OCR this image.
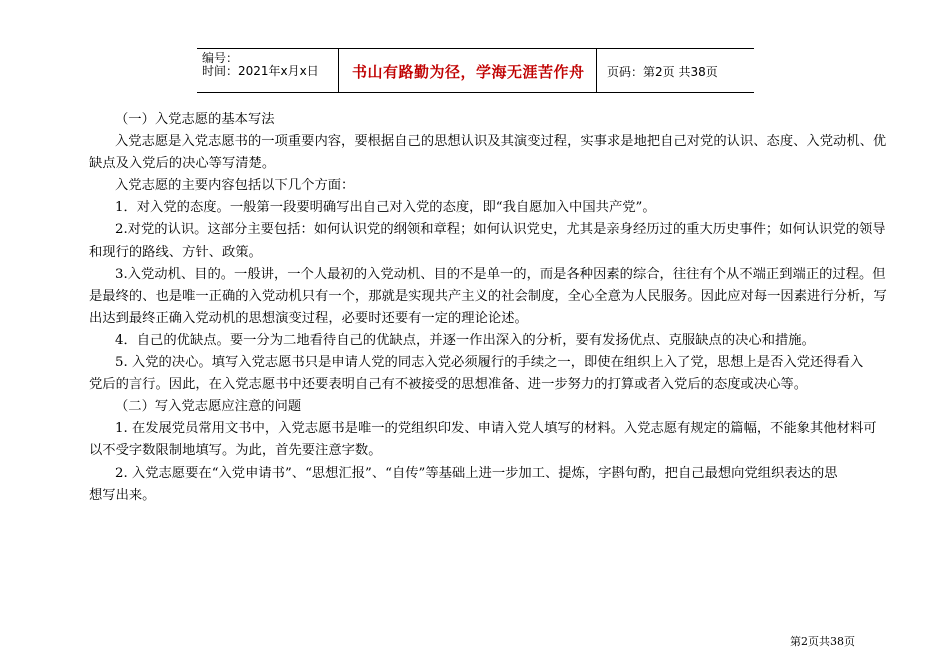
编号：
时间：2021年x月x日 书山有路勤为径，学海无涯苦作舟 页码：第2页 共38页
（一）入党志愿的基本写法
入党志愿是入党志愿书的一项重要内容，要根据自己的思想认识及其演变过程，实事求是地把自己对党的认识、态度、入党动机、优
缺点及入党后的决心等写清楚。
入党志愿的主要内容包括以下几个方面：
1．对入党的态度。一般第一段要明确写出自己对入党的态度，即“我自愿加入中国共产党”。
2.对党的认识。这部分主要包括：如何认识党的纲领和章程；如何认识党史，尤其是亲身经历过的重大历史事件；如何认识党的领导
和现行的路线、方针、政策。
3.入党动机、目的。一般讲，一个人最初的入党动机、目的不是单一的，而是各种因素的综合，往往有个从不端正到端正的过程。但
是最终的、也是唯一正确的入党动机只有一个，那就是实现共产主义的社会制度，全心全意为人民服务。因此应对每一因素进行分析，写
出达到最终正确入党动机的思想演变过程，必要时还要有一定的理论论述。
4．自己的优缺点。要一分为二地看待自己的优缺点，并逐一作出深入的分析，要有发扬优点、克服缺点的决心和措施。
5. 入党的决心。填写入党志愿书只是申请人党的同志入党必须履行的手续之一，即使在组织上入了党，思想上是否入党还得看入
党后的言行。因此，在入党志愿书中还要表明自己有不被接受的思想准备、进一步努力的打算或者入党后的态度或决心等。
（二）写入党志愿应注意的问题
1. 在发展党员常用文书中，入党志愿书是唯一的党组织印发、申请入党人填写的材料。入党志愿有规定的篇幅，不能象其他材料可
以不受字数限制地填写。为此，首先要注意字数。
2. 入党志愿要在“入党申请书”、“思想汇报”、“自传”等基础上进一步加工、提炼，字斟句酌，把自己最想向党组织表达的思
想写出来。
第2页共38页
